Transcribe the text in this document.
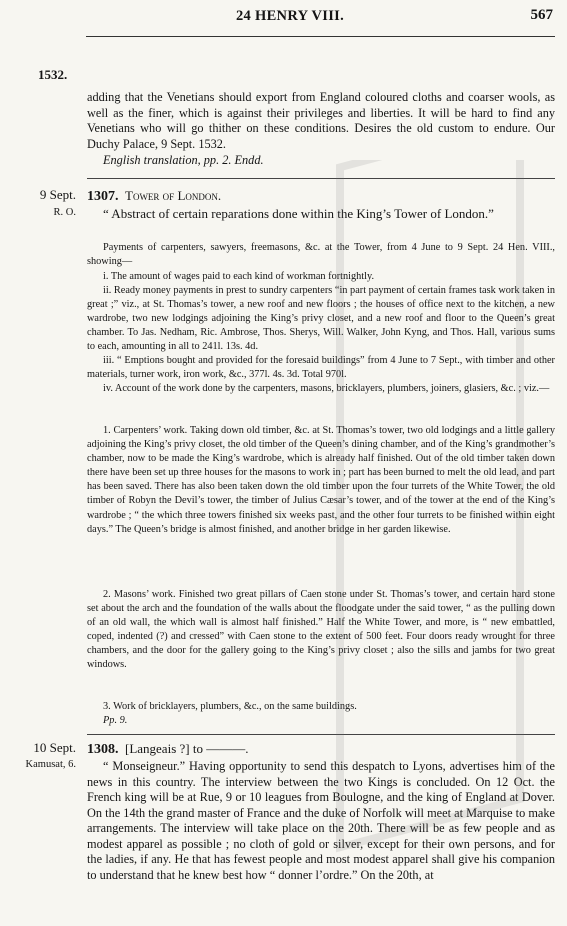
24 HENRY VIII.	567
1532.
adding that the Venetians should export from England coloured cloths and coarser wools, as well as the finer, which is against their privileges and liberties. It will be hard to find any Venetians who will go thither on these conditions. Desires the old custom to endure. Our Duchy Palace, 9 Sept. 1532.
English translation, pp. 2. Endd.
9 Sept.
R. O.
1307. Tower of London.
“ Abstract of certain reparations done within the King’s Tower of London.”
Payments of carpenters, sawyers, freemasons, &c. at the Tower, from 4 June to 9 Sept. 24 Hen. VIII., showing—
i. The amount of wages paid to each kind of workman fortnightly.
ii. Ready money payments in prest to sundry carpenters “in part payment of certain frames task work taken in great ;” viz., at St. Thomas’s tower, a new roof and new floors ; the houses of office next to the kitchen, a new wardrobe, two new lodgings adjoining the King’s privy closet, and a new roof and floor to the Queen’s great chamber. To Jas. Nedham, Ric. Ambrose, Thos. Sherys, Will. Walker, John Kyng, and Thos. Hall, various sums to each, amounting in all to 241l. 13s. 4d.
iii. “ Emptions bought and provided for the foresaid buildings” from 4 June to 7 Sept., with timber and other materials, turner work, iron work, &c., 377l. 4s. 3d. Total 970l.
iv. Account of the work done by the carpenters, masons, bricklayers, plumbers, joiners, glasiers, &c. ; viz.—
1. Carpenters’ work. Taking down old timber, &c. at St. Thomas’s tower, two old lodgings and a little gallery adjoining the King’s privy closet, the old timber of the Queen’s dining chamber, and of the King’s grandmother’s chamber, now to be made the King’s wardrobe, which is already half finished. Out of the old timber taken down there have been set up three houses for the masons to work in ; part has been burned to melt the old lead, and part has been saved. There has also been taken down the old timber upon the four turrets of the White Tower, the old timber of Robyn the Devil’s tower, the timber of Julius Cæsar’s tower, and of the tower at the end of the King’s wardrobe ; “ the which three towers finished six weeks past, and the other four turrets to be finished within eight days.” The Queen’s bridge is almost finished, and another bridge in her garden likewise.
2. Masons’ work. Finished two great pillars of Caen stone under St. Thomas’s tower, and certain hard stone set about the arch and the foundation of the walls about the floodgate under the said tower, “ as the pulling down of an old wall, the which wall is almost half finished.” Half the White Tower, and more, is “ new embattled, coped, indented (?) and cressed” with Caen stone to the extent of 500 feet. Four doors ready wrought for three chambers, and the door for the gallery going to the King’s privy closet ; also the sills and jambs for two great windows.
3. Work of bricklayers, plumbers, &c., on the same buildings.
Pp. 9.
10 Sept.
Kamusat, 6.
1308. [Langeais ?] to ———.
“ Monseigneur.” Having opportunity to send this despatch to Lyons, advertises him of the news in this country. The interview between the two Kings is concluded. On 12 Oct. the French king will be at Rue, 9 or 10 leagues from Boulogne, and the king of England at Dover. On the 14th the grand master of France and the duke of Norfolk will meet at Marquise to make arrangements. The interview will take place on the 20th. There will be as few people and as modest apparel as possible ; no cloth of gold or silver, except for their own persons, and for the ladies, if any. He that has fewest people and most modest apparel shall give his companion to understand that he knew best how “ donner l’ordre.” On the 20th, at
